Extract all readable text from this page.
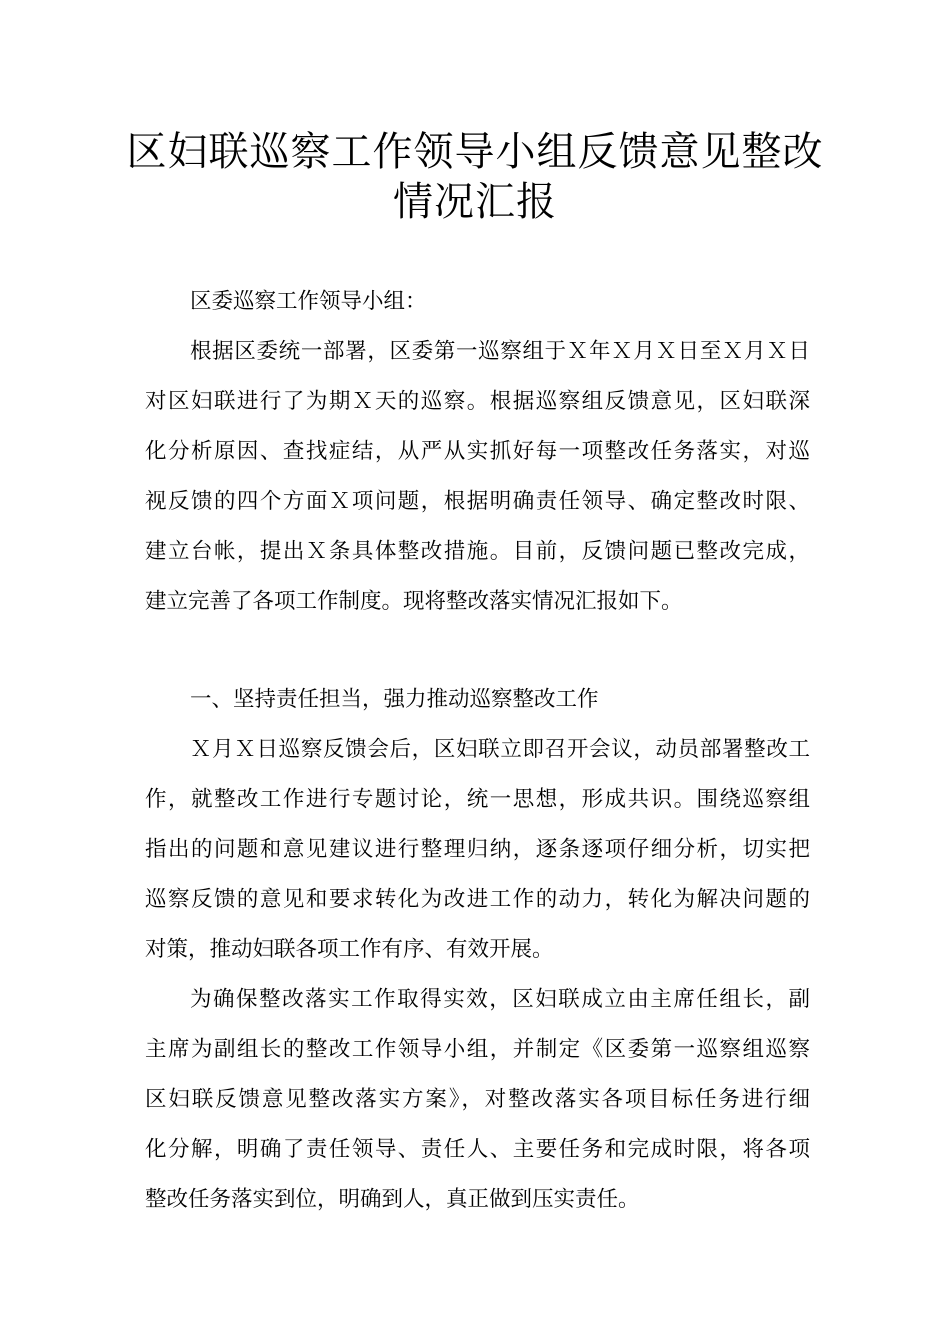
区妇联巡察工作领导小组反馈意见整改
情况汇报

区委巡察工作领导小组：

根据区委统一部署，区委第一巡察组于Ｘ年Ｘ月Ｘ日至Ｘ月Ｘ日

对区妇联进行了为期Ｘ天的巡察。根据巡察组反馈意见，区妇联深

化分析原因、查找症结，从严从实抓好每一项整改任务落实，对巡

视反馈的四个方面Ｘ项问题，根据明确责任领导、确定整改时限、

建立台帐，提出Ｘ条具体整改措施。目前，反馈问题已整改完成，

建立完善了各项工作制度。现将整改落实情况汇报如下。

一、坚持责任担当，强力推动巡察整改工作

Ｘ月Ｘ日巡察反馈会后，区妇联立即召开会议，动员部署整改工

作，就整改工作进行专题讨论，统一思想，形成共识。围绕巡察组

指出的问题和意见建议进行整理归纳，逐条逐项仔细分析，切实把

巡察反馈的意见和要求转化为改进工作的动力，转化为解决问题的

对策，推动妇联各项工作有序、有效开展。

为确保整改落实工作取得实效，区妇联成立由主席任组长，副

主席为副组长的整改工作领导小组，并制定《区委第一巡察组巡察

区妇联反馈意见整改落实方案》，对整改落实各项目标任务进行细

化分解，明确了责任领导、责任人、主要任务和完成时限，将各项

整改任务落实到位，明确到人，真正做到压实责任。
